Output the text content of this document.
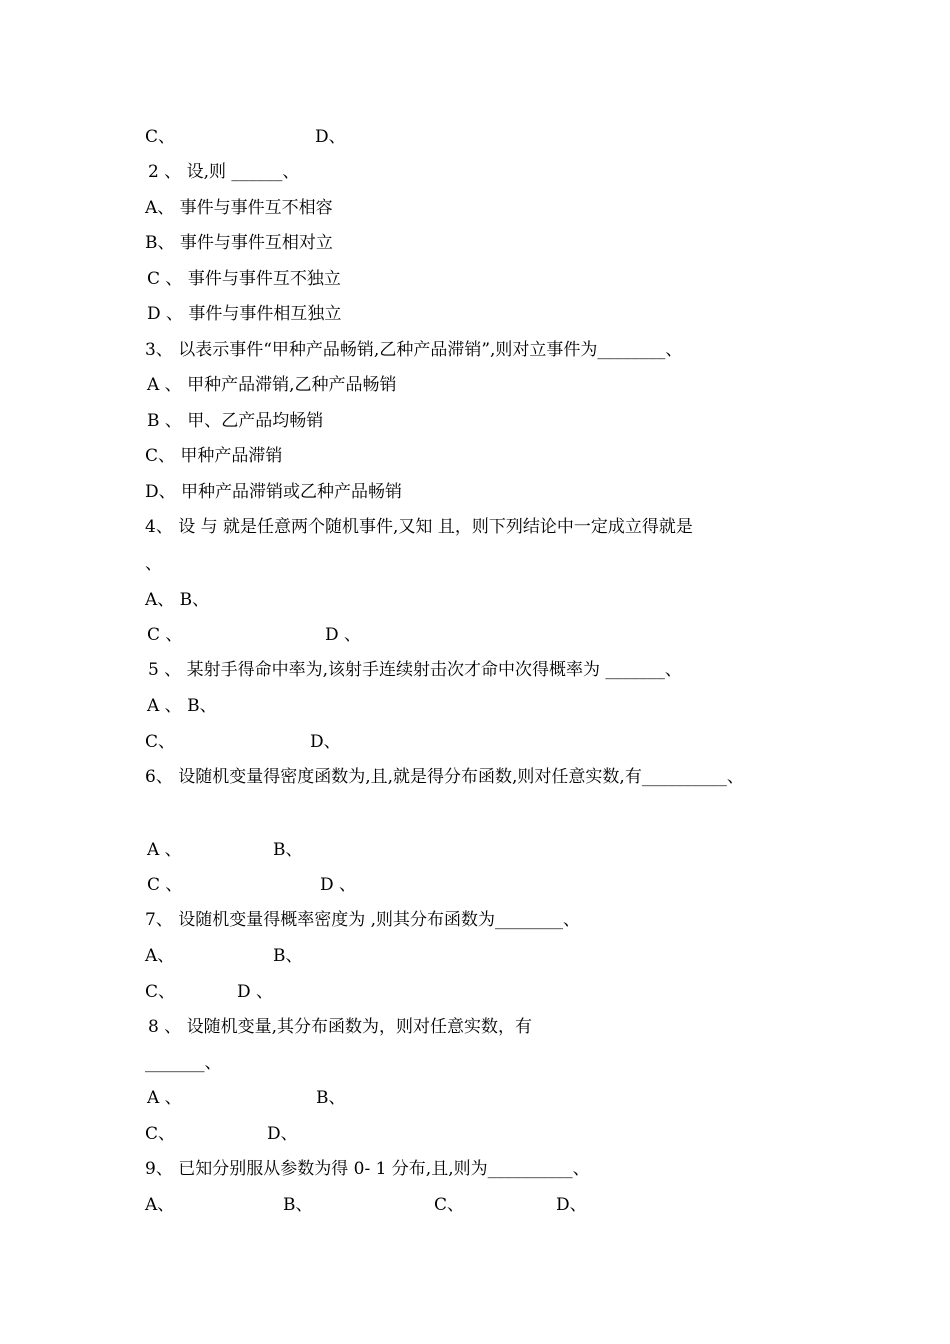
C、	D、
2 、 设,则 ______、
A、 事件与事件互不相容
B、 事件与事件互相对立
C 、 事件与事件互不独立
D 、 事件与事件相互独立
3、 以表示事件“甲种产品畅销,乙种产品滞销”,则对立事件为________、
A 、 甲种产品滞销,乙种产品畅销
B 、 甲、乙产品均畅销
C、 甲种产品滞销
D、 甲种产品滞销或乙种产品畅销
4、 设 与 就是任意两个随机事件,又知 且，则下列结论中一定成立得就是
、
A、 B、
C 、	D 、
5 、 某射手得命中率为,该射手连续射击次才命中次得概率为 _______、
A 、 B、
C、	D、
6、 设随机变量得密度函数为,且,就是得分布函数,则对任意实数,有__________、
A 、	B、
C 、	D 、
7、 设随机变量得概率密度为 ,则其分布函数为________、
A、	B、
C、	D 、
8 、 设随机变量,其分布函数为，则对任意实数，有
_______、
A 、	B、
C、	D、
9、 已知分别服从参数为得 0- 1 分布,且,则为__________、
A、	B、	C、	D、
